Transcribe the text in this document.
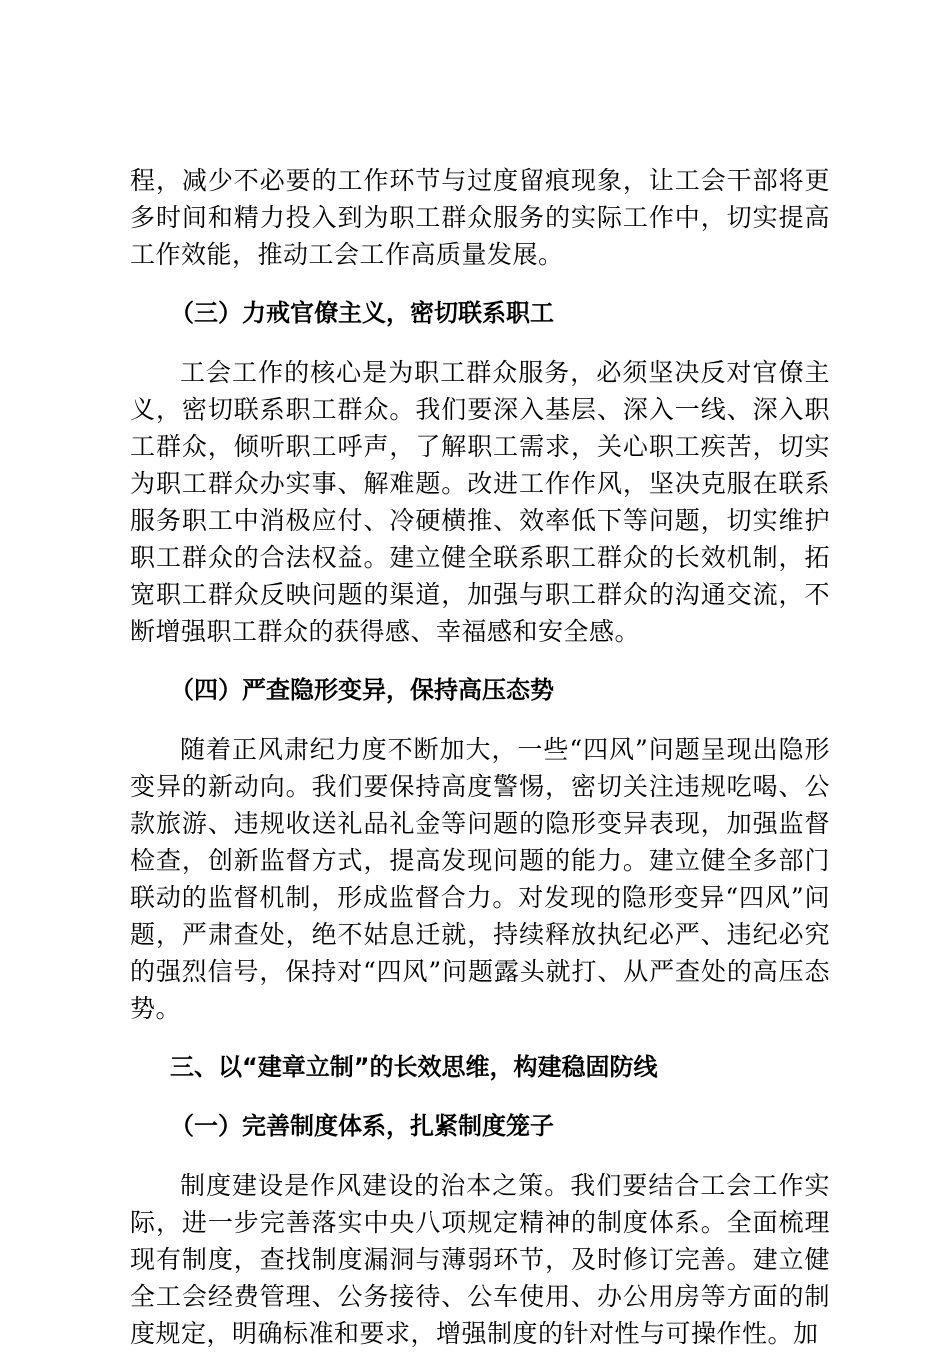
程，减少不必要的工作环节与过度留痕现象，让工会干部将更多时间和精力投入到为职工群众服务的实际工作中，切实提高工作效能，推动工会工作高质量发展。

（三）力戒官僚主义，密切联系职工

工会工作的核心是为职工群众服务，必须坚决反对官僚主义，密切联系职工群众。我们要深入基层、深入一线、深入职工群众，倾听职工呼声，了解职工需求，关心职工疾苦，切实为职工群众办实事、解难题。改进工作作风，坚决克服在联系服务职工中消极应付、冷硬横推、效率低下等问题，切实维护职工群众的合法权益。建立健全联系职工群众的长效机制，拓宽职工群众反映问题的渠道，加强与职工群众的沟通交流，不断增强职工群众的获得感、幸福感和安全感。

（四）严查隐形变异，保持高压态势

随着正风肃纪力度不断加大，一些“四风”问题呈现出隐形变异的新动向。我们要保持高度警惕，密切关注违规吃喝、公款旅游、违规收送礼品礼金等问题的隐形变异表现，加强监督检查，创新监督方式，提高发现问题的能力。建立健全多部门联动的监督机制，形成监督合力。对发现的隐形变异“四风”问题，严肃查处，绝不姑息迁就，持续释放执纪必严、违纪必究的强烈信号，保持对“四风”问题露头就打、从严查处的高压态势。

三、以“建章立制”的长效思维，构建稳固防线

（一）完善制度体系，扎紧制度笼子

制度建设是作风建设的治本之策。我们要结合工会工作实际，进一步完善落实中央八项规定精神的制度体系。全面梳理现有制度，查找制度漏洞与薄弱环节，及时修订完善。建立健全工会经费管理、公务接待、公车使用、办公用房等方面的制度规定，明确标准和要求，增强制度的针对性与可操作性。加
